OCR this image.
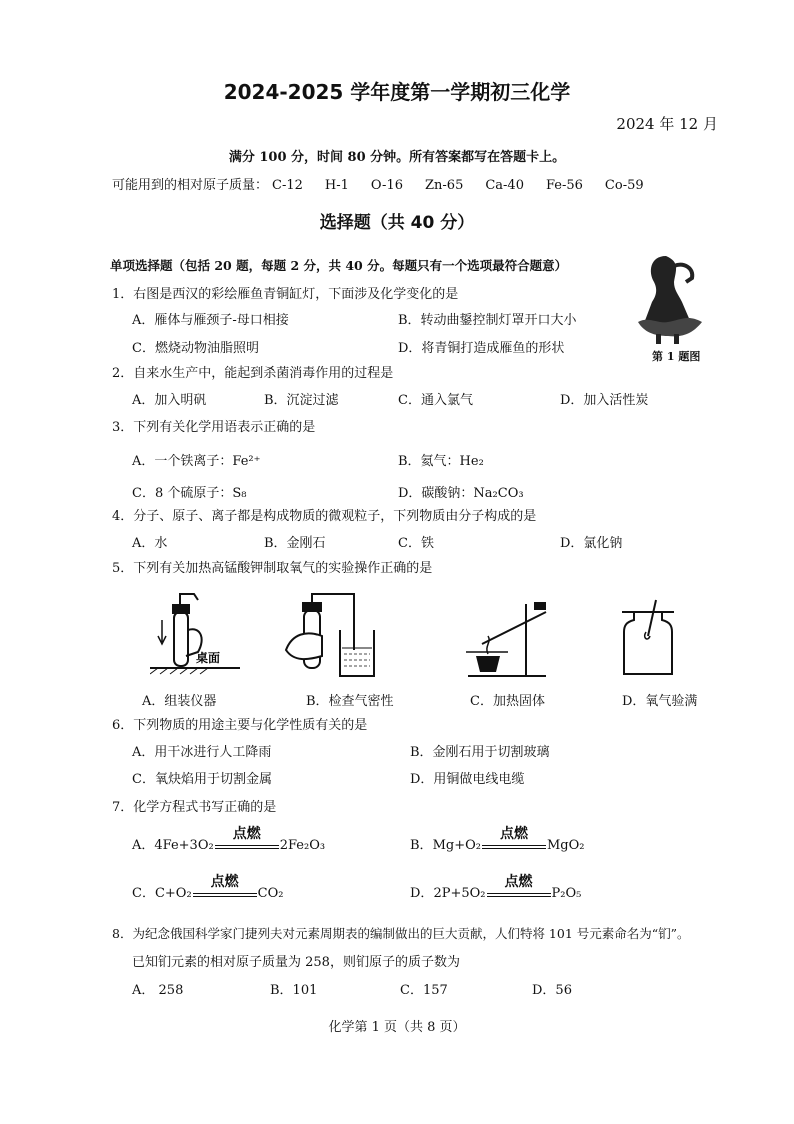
2024-2025 学年度第一学期初三化学
2024 年 12 月
满分 100 分，时间 80 分钟。所有答案都写在答题卡上。
可能用到的相对原子质量： C-12 H-1 O-16 Zn-65 Ca-40 Fe-56 Co-59
选择题（共 40 分）
单项选择题（包括 20 题，每题 2 分，共 40 分。每题只有一个选项最符合题意）
第 1 题图
1．右图是西汉的彩绘雁鱼青铜缸灯，下面涉及化学变化的是
A．雁体与雁颈子-母口相接	B．转动曲鋬控制灯罩开口大小
C．燃烧动物油脂照明	D．将青铜打造成雁鱼的形状
2．自来水生产中，能起到杀菌消毒作用的过程是
A．加入明矾	B．沉淀过滤	C．通入氯气	D．加入活性炭
3．下列有关化学用语表示正确的是
A．一个铁离子：Fe²⁺	B．氦气：He₂
C．8 个硫原子：S₈	D．碳酸钠：Na₂CO₃
4．分子、原子、离子都是构成物质的微观粒子，下列物质由分子构成的是
A．水	B．金刚石	C．铁	D．氯化钠
5．下列有关加热高锰酸钾制取氧气的实验操作正确的是
桌面
A．组装仪器	B．检查气密性	C．加热固体	D．氧气验满
6．下列物质的用途主要与化学性质有关的是
A．用干冰进行人工降雨	B．金刚石用于切割玻璃
C．氧炔焰用于切割金属	D．用铜做电线电缆
7．化学方程式书写正确的是
A．4Fe+3O₂
点燃
2Fe₂O₃	B．Mg+O₂
点燃
MgO₂
C．C+O₂
点燃
CO₂	D．2P+5O₂
点燃
P₂O₅
8．为纪念俄国科学家门捷列夫对元素周期表的编制做出的巨大贡献，人们特将 101 号元素命名为“钔”。
已知钔元素的相对原子质量为 258，则钔原子的质子数为
A． 258	B．101	C．157	D．56
化学第 1 页（共 8 页）
